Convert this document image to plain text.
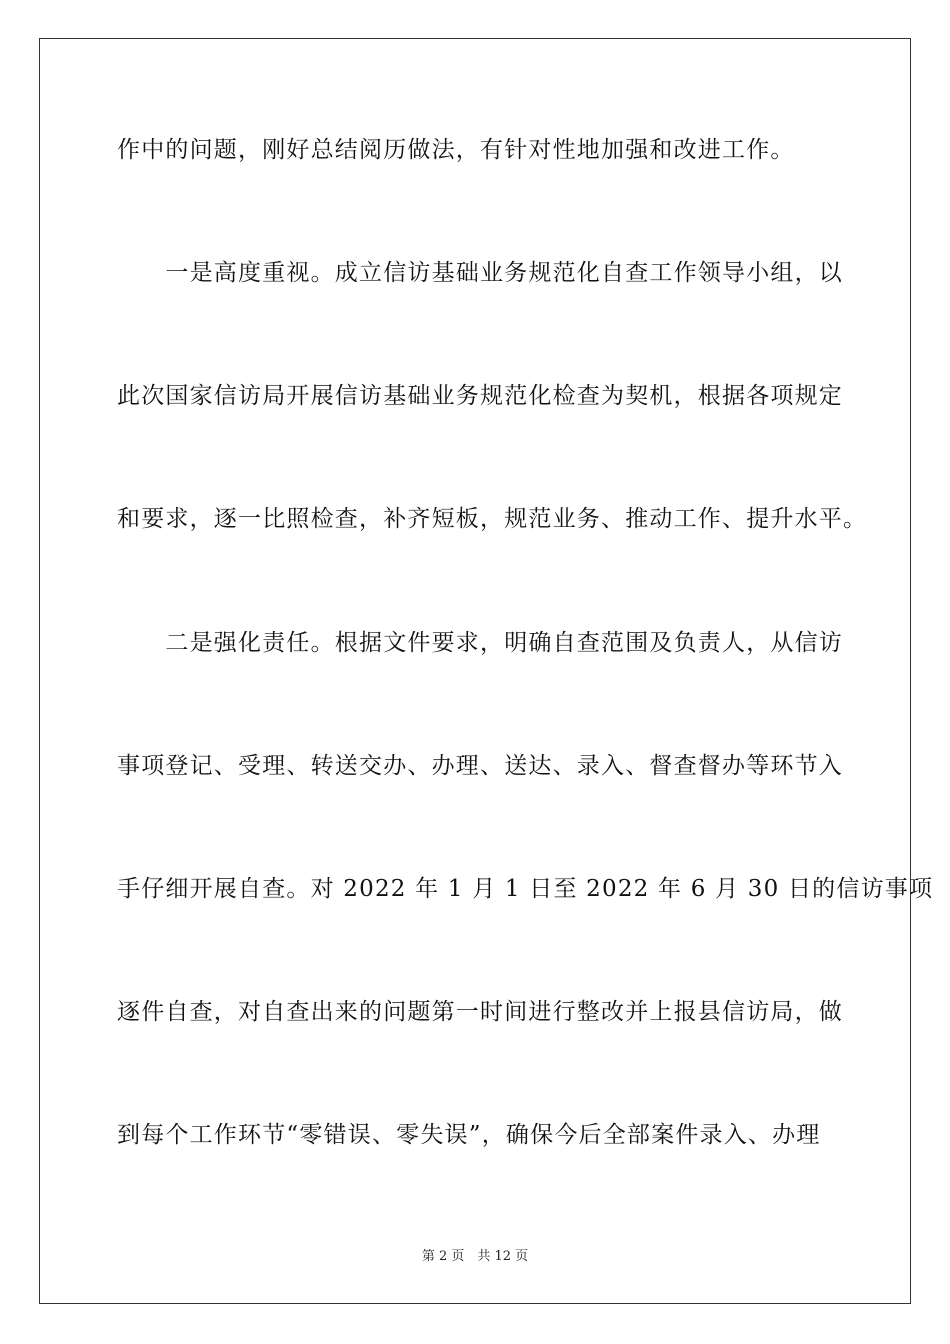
作中的问题，刚好总结阅历做法，有针对性地加强和改进工作。
　　一是高度重视。成立信访基础业务规范化自查工作领导小组，以
此次国家信访局开展信访基础业务规范化检查为契机，根据各项规定
和要求，逐一比照检查，补齐短板，规范业务、推动工作、提升水平。
　　二是强化责任。根据文件要求，明确自查范围及负责人，从信访
事项登记、受理、转送交办、办理、送达、录入、督查督办等环节入
手仔细开展自查。对 2022 年 1 月 1 日至 2022 年 6 月 30 日的信访事项
逐件自查，对自查出来的问题第一时间进行整改并上报县信访局，做
到每个工作环节“零错误、零失误”，确保今后全部案件录入、办理
第 2 页　共 12 页
